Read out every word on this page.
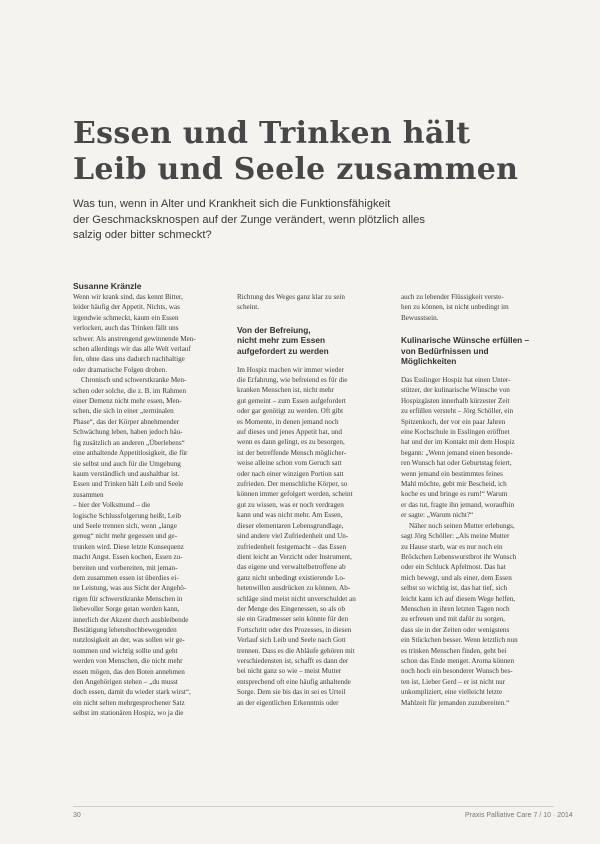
Essen und Trinken hält
Leib und Seele zusammen
Was tun, wenn in Alter und Krankheit sich die Funktionsfähigkeit
der Geschmacksknospen auf der Zunge verändert, wenn plötzlich alles
salzig oder bitter schmeckt?
Susanne Kränzle
Wenn wir krank sind, das kennt Bitter,
leider häufig der Appetit. Nichts, was
irgendwie schmeckt, kaum ein Essen
verlocken, auch das Trinken fällt uns
schwer. Als anstrengend gewinnende Men-
schen allerdings wir das alle Welt verlauf
fen, ohne dass uns dadurch nachhaltige
oder dramatische Folgen drohen.
Chronisch und schwerstkranke Men-
schen oder solche, die z. B. im Rahmen
einer Demenz nicht mehr essen, Men-
schen, die sich in einer „terminalen
Phase“, das der Körper abnehmender
Schwächung leben, haben jedoch häu-
fig zusätzlich an anderen „Überlebens“
eine anhaltende Appetitlosigkeit, die für
sie selbst und auch für die Umgebung
kaum verständlich und aushaltbar ist.
Essen und Trinken hält Leib und Seele
zusammen
– hier der Volksmund – die
logische Schlussfolgerung heißt, Leib
und Seele trennen sich, wenn „lange
genug“ nicht mehr gegessen und ge-
trunken wird. Diese letzte Konsequenz
macht Angst. Essen kochen, Essen zu-
bereiten und vorbereiten, mit jeman-
dem zusammen essen ist überdies ei-
ne Leistung, was aus Sicht der Angehö-
rigen für schwerstkranke Menschen in
liebevoller Sorge getan werden kann,
innerlich der Akzent durch ausbleibende
Bestätigung lebenshochbewegenden
nutzlosigkeit an der, was sollen wir ge-
nommen und wichtig sollte und geht
werden von Menschen, die nicht mehr
essen mögen, das den Boten annehmen
den Angehörigen stehen – „du musst
doch essen, damit du wieder stark wirst“,
ein nicht selten mehrgesprochener Satz
selbst im stationären Hospiz, wo ja die
Richtung des Weges ganz klar zu sein
scheint.
Von der Befreiung,
nicht mehr zum Essen
aufgefordert zu werden
Im Hospiz machen wir immer wieder
die Erfahrung, wie befreiend es für die
kranken Menschen ist, nicht mehr
gut gemeint – zum Essen aufgefordert
oder gar genötigt zu werden. Oft gibt
es Momente, in denen jemand noch
auf dieses und jenes Appetit hat, und
wenn es dann gelingt, es zu besorgen,
ist der betreffende Mensch möglicher-
weise alleine schon vom Geruch satt
oder nach einer winzigen Portion satt
zufrieden. Der menschliche Körper, so
können immer gefolgert werden, scheint
gut zu wissen, was er noch verdragen
kann und was nicht mehr. Am Essen,
dieser elementaren Lebensgrundlage,
sind andere viel Zufriedenheit und Un-
zufriedenheit festgemacht – das Essen
dient leicht an Verzicht oder Instrument,
das eigene und verwaltelbetroffene ab
ganz nicht unbedingt existierende Lo-
hetenwillen ausdrücken zu können. Ab-
schläge sind meist nicht unverschuldet an
der Menge des Eingenessen, so als ob
sie ein Gradmesser sein könnte für den
Fortschritt oder des Prozesses, in diesen
Verlauf sich Leib und Seele nach Gott
trennen. Dass es die Abläufe gehören mit
verschiedensten ist, schafft es dann der
bei nicht ganz so wie – meist Mutter
entsprechend oft eine häufig anhaltende
Sorge. Dem sie bis das in sei es Urteil
an der eigentlichen Erkenntnis oder
auch zu lebender Flüssigkeit verste-
hen zu können, ist nicht unbedingt im
Bewusstsein.
Kulinarische Wünsche erfüllen –
von Bedürfnissen und
Möglichkeiten
Das Esslinger Hospiz hat einen Unter-
stützer, der kulinarische Wünsche von
Hospizgästen innerhalb kürzester Zeit
zu erfüllen versteht – Jörg Schöller, ein
Spitzenkoch, der vor ein paar Jahren
eine Kochschule in Esslingen eröffnet
hat und der im Kontakt mit dem Hospiz
begann: „Wenn jemand einen besonde-
ren Wunsch hat oder Geburtstag feiert,
wenn jemand ein bestimmtes feines
Mahl möchte, gebt mir Bescheid, ich
koche es und bringe es rum!“ Warum
er das tut, fragte ihn jemand, woraufhin
er sagte: „Warum nicht?“
Näher noch seinen Mutter erlebungs,
sagt Jörg Schöller: „Als meine Mutter
zu Hause starb, war es nur noch ein
Bröckchen Lebenswurstbrot ihr Wunsch
oder ein Schluck Apfelmost. Das hat
mich bewegt, und als einer, dem Essen
selbst so wichtig ist, das hat tief, sich
leicht kann ich auf diesem Wege helfen,
Menschen in ihren letzten Tagen noch
zu erfreuen und mit dafür zu sorgen,
dass sie in der Zeiten oder wenigstens
ein Stückchen besser. Wenn letztlich nun
es trinken Menschen finden, geht bei
schon das Ende menget. Aroma können
noch hoch ein besonderer Wunsch bes-
ten ist, Lieber Gerd – er ist nicht nur
unkompliziert, eine vielleicht letzte
Mahlzeit für jemanden zuzubereiten.“
30	Praxis Palliative Care 7 / 10 · 2014
